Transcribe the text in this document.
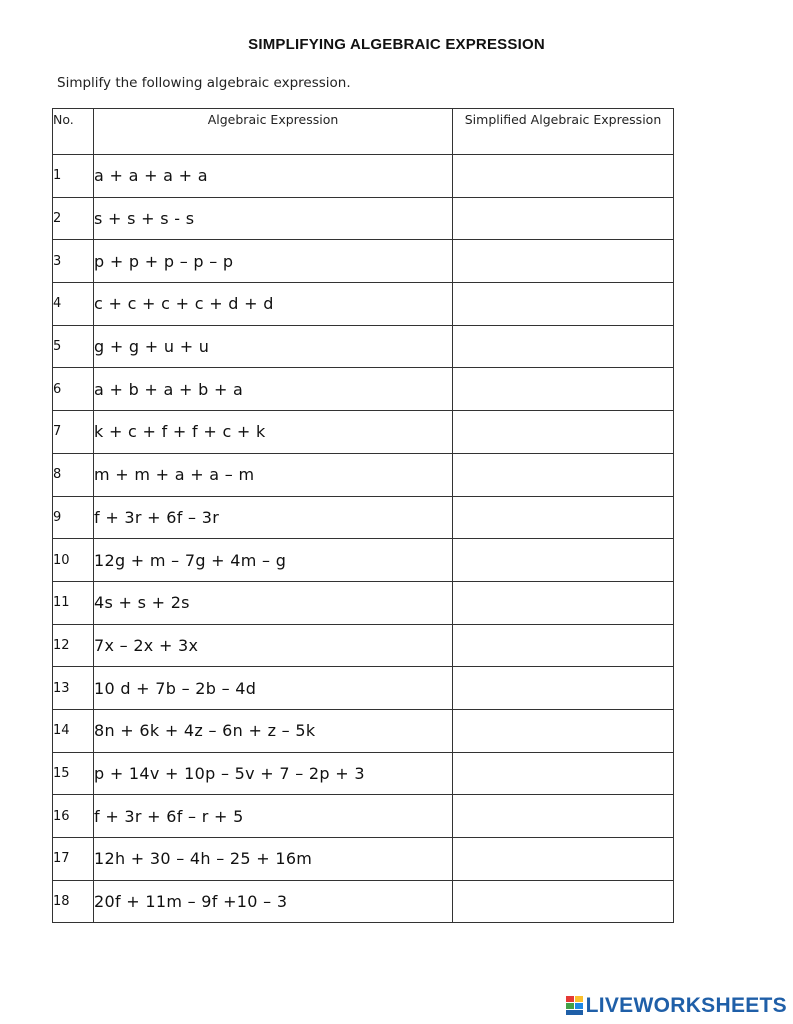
SIMPLIFYING ALGEBRAIC EXPRESSION
Simplify the following algebraic expression.
No.	Algebraic Expression	Simplified Algebraic Expression
1	a + a + a + a	
2	s + s + s - s	
3	p + p + p – p – p	
4	c + c + c + c + d + d	
5	g + g + u + u	
6	a + b + a + b + a	
7	k + c + f + f + c + k	
8	m + m + a + a – m	
9	f + 3r + 6f – 3r	
10	12g + m – 7g + 4m – g	
11	4s + s + 2s	
12	7x – 2x + 3x	
13	10 d + 7b – 2b – 4d	
14	8n + 6k + 4z – 6n + z – 5k	
15	p + 14v + 10p – 5v + 7 – 2p + 3	
16	f + 3r + 6f – r + 5	
17	12h + 30 – 4h – 25 + 16m	
18	20f + 11m – 9f +10 – 3	
LIVEWORKSHEETS
